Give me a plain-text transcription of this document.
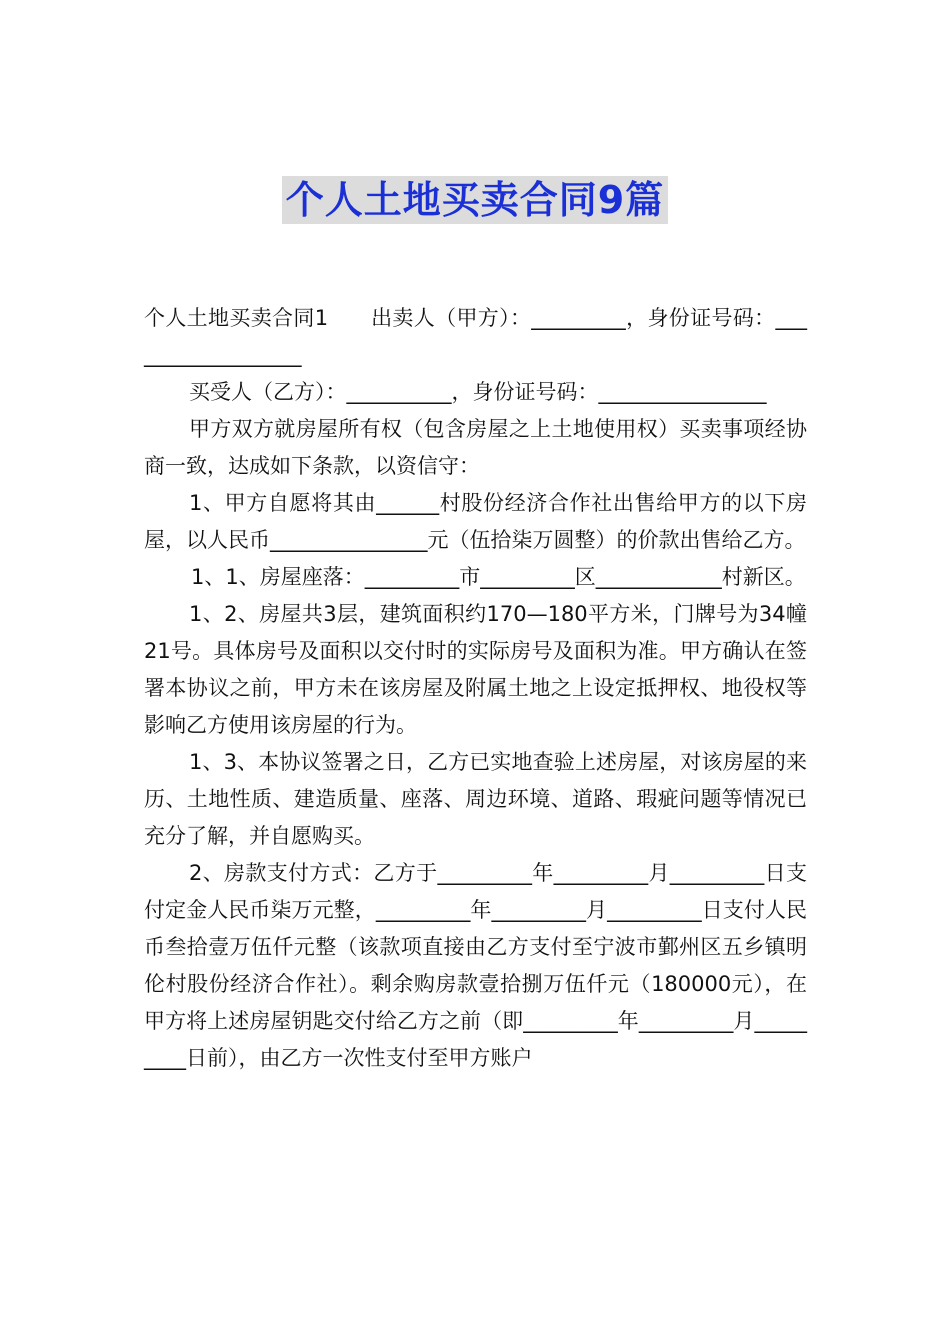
个人土地买卖合同9篇

个人土地买卖合同1　　出卖人（甲方）：_________，身份证号码：__________________

买受人（乙方）：__________，身份证号码：________________

甲方双方就房屋所有权（包含房屋之上土地使用权）买卖事项经协商一致，达成如下条款，以资信守：

1、甲方自愿将其由______村股份经济合作社出售给甲方的以下房屋，以人民币_______________元（伍拾柒万圆整）的价款出售给乙方。

1、1、房屋座落：_________市_________区____________村新区。

1、2、房屋共3层，建筑面积约170—180平方米，门牌号为34幢21号。具体房号及面积以交付时的实际房号及面积为准。甲方确认在签署本协议之前，甲方未在该房屋及附属土地之上设定抵押权、地役权等影响乙方使用该房屋的行为。

1、3、本协议签署之日，乙方已实地查验上述房屋，对该房屋的来历、土地性质、建造质量、座落、周边环境、道路、瑕疵问题等情况已充分了解，并自愿购买。

2、房款支付方式：乙方于_________年_________月_________日支付定金人民币柒万元整，_________年_________月_________日支付人民币叁拾壹万伍仟元整（该款项直接由乙方支付至宁波市鄞州区五乡镇明伦村股份经济合作社）。剩余购房款壹拾捌万伍仟元（180000元），在甲方将上述房屋钥匙交付给乙方之前（即_________年_________月_________日前），由乙方一次性支付至甲方账户
